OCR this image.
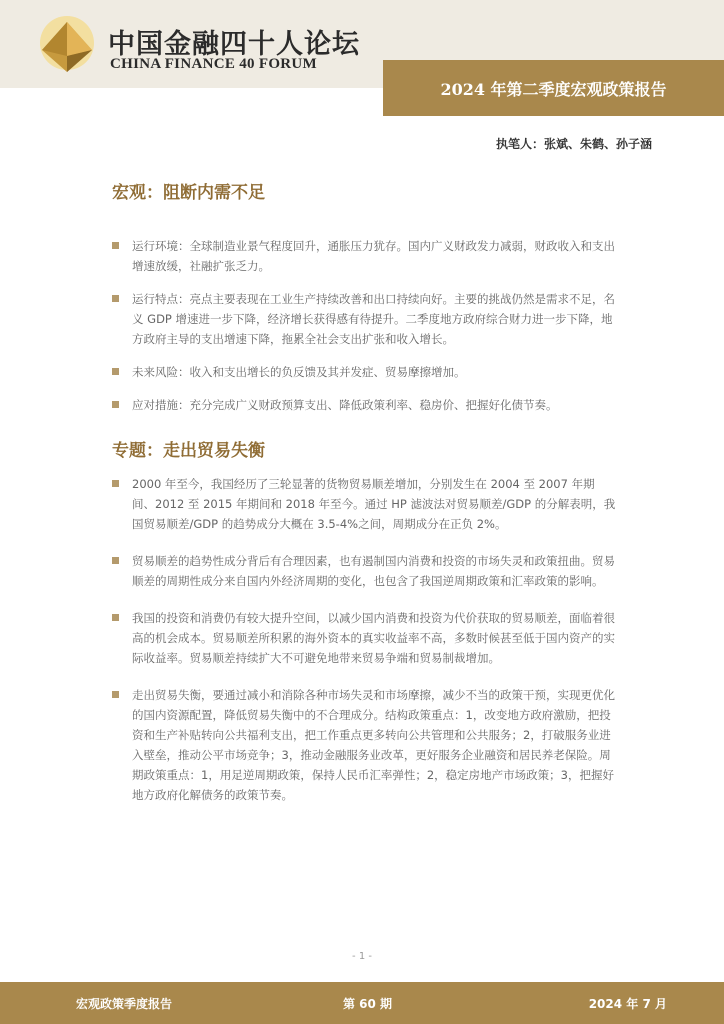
中国金融四十人论坛
CHINA FINANCE 40 FORUM
2024 年第二季度宏观政策报告
执笔人：张斌、朱鹤、孙子涵
宏观：阻断内需不足
运行环境：全球制造业景气程度回升，通胀压力犹存。国内广义财政发力减弱，财政收入和支出增速放缓，社融扩张乏力。
运行特点：亮点主要表现在工业生产持续改善和出口持续向好。主要的挑战仍然是需求不足，名义 GDP 增速进一步下降，经济增长获得感有待提升。二季度地方政府综合财力进一步下降，地方政府主导的支出增速下降，拖累全社会支出扩张和收入增长。
未来风险：收入和支出增长的负反馈及其并发症、贸易摩擦增加。
应对措施：充分完成广义财政预算支出、降低政策利率、稳房价、把握好化债节奏。
专题：走出贸易失衡
2000 年至今，我国经历了三轮显著的货物贸易顺差增加，分别发生在 2004 至 2007 年期间、2012 至 2015 年期间和 2018 年至今。通过 HP 滤波法对贸易顺差/GDP 的分解表明，我国贸易顺差/GDP 的趋势成分大概在 3.5-4%之间，周期成分在正负 2%。
贸易顺差的趋势性成分背后有合理因素，也有遏制国内消费和投资的市场失灵和政策扭曲。贸易顺差的周期性成分来自国内外经济周期的变化，也包含了我国逆周期政策和汇率政策的影响。
我国的投资和消费仍有较大提升空间，以减少国内消费和投资为代价获取的贸易顺差，面临着很高的机会成本。贸易顺差所积累的海外资本的真实收益率不高，多数时候甚至低于国内资产的实际收益率。贸易顺差持续扩大不可避免地带来贸易争端和贸易制裁增加。
走出贸易失衡，要通过减小和消除各种市场失灵和市场摩擦，减少不当的政策干预，实现更优化的国内资源配置，降低贸易失衡中的不合理成分。结构政策重点：1，改变地方政府激励，把投资和生产补贴转向公共福利支出，把工作重点更多转向公共管理和公共服务；2，打破服务业进入壁垒，推动公平市场竞争；3，推动金融服务业改革，更好服务企业融资和居民养老保险。周期政策重点：1，用足逆周期政策，保持人民币汇率弹性；2，稳定房地产市场政策；3，把握好地方政府化解债务的政策节奏。
- 1 -
宏观政策季度报告	第 60 期	2024 年 7 月
